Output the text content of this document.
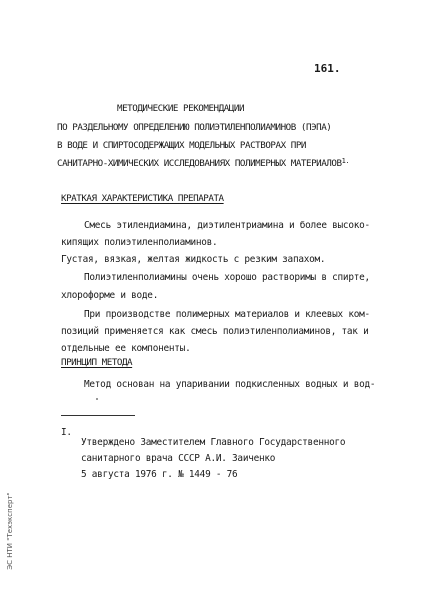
161.
МЕТОДИЧЕСКИЕ РЕКОМЕНДАЦИИ
ПО РАЗДЕЛЬНОМУ ОПРЕДЕЛЕНИЮ ПОЛИЭТИЛЕНПОЛИАМИНОВ (ПЭПА)
В ВОДЕ И СПИРТОСОДЕРЖАЩИХ МОДЕЛЬНЫХ РАСТВОРАХ ПРИ
САНИТАРНО-ХИМИЧЕСКИХ ИССЛЕДОВАНИЯХ ПОЛИМЕРНЫХ $МАТЕРИАЛОВ^{1.}$
КРАТКАЯ ХАРАКТЕРИСТИКА ПРЕПАРАТА
Смесь этилендиамина, диэтилентриамина и более высоко-
кипящих полиэтиленполиаминов.
Густая, вязкая, желтая жидкость с резким запахом.
Полиэтиленполиамины очень хорошо растворимы в спирте,
хлороформе и воде.
При производстве полимерных материалов и клеевых ком-
позиций применяется как смесь полиэтиленполиаминов, так и
отдельные ее компоненты.
ПРИНЦИП МЕТОДА
Метод основан на упаривании подкисленных водных и вод-
I.
Утверждено Заместителем Главного Государственного
санитарного врача СССР А.И. Заиченко
5 августа 1976 г. № 1449 - 76
ЭС НТИ "Техэксперт"
